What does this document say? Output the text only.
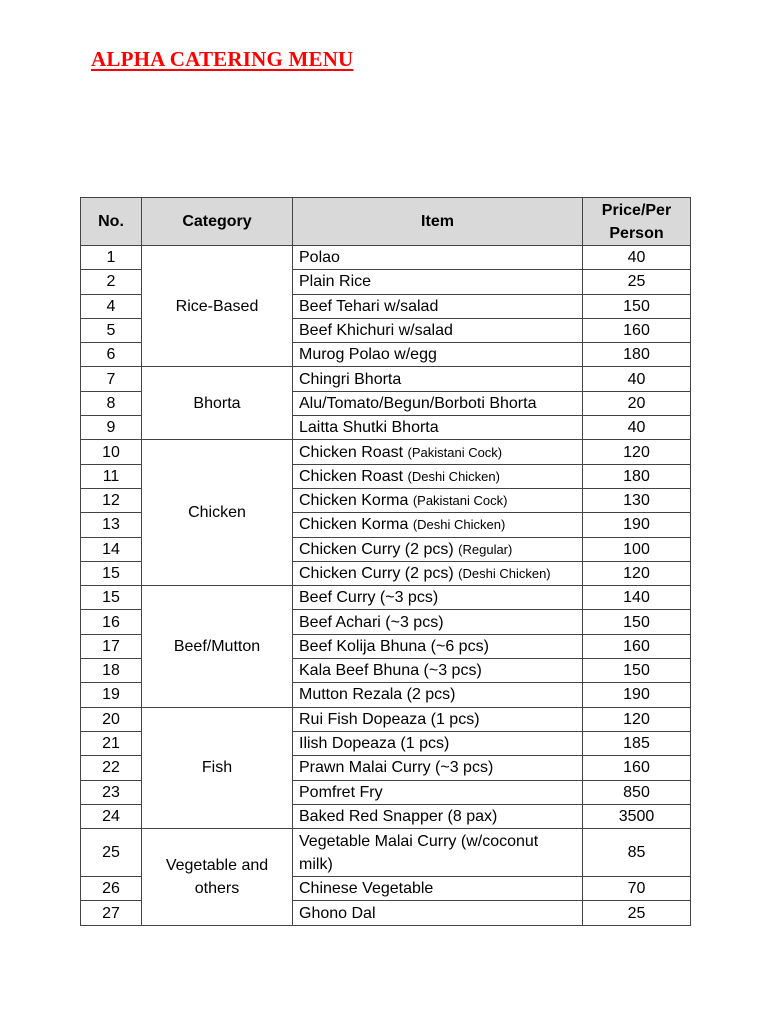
ALPHA CATERING MENU
No.	Category	Item	Price/Per Person
1	Rice-Based	Polao	40
2		Plain Rice	25
4		Beef Tehari w/salad	150
5		Beef Khichuri w/salad	160
6		Murog Polao w/egg	180
7	Bhorta	Chingri Bhorta	40
8		Alu/Tomato/Begun/Borboti Bhorta	20
9		Laitta Shutki Bhorta	40
10	Chicken	Chicken Roast (Pakistani Cock)	120
11		Chicken Roast (Deshi Chicken)	180
12		Chicken Korma (Pakistani Cock)	130
13		Chicken Korma (Deshi Chicken)	190
14		Chicken Curry (2 pcs) (Regular)	100
15		Chicken Curry (2 pcs) (Deshi Chicken)	120
15	Beef/Mutton	Beef Curry (~3 pcs)	140
16		Beef Achari (~3 pcs)	150
17		Beef Kolija Bhuna (~6 pcs)	160
18		Kala Beef Bhuna (~3 pcs)	150
19		Mutton Rezala (2 pcs)	190
20	Fish	Rui Fish Dopeaza (1 pcs)	120
21		Ilish Dopeaza (1 pcs)	185
22		Prawn Malai Curry (~3 pcs)	160
23		Pomfret Fry	850
24		Baked Red Snapper (8 pax)	3500
25	Vegetable and others	Vegetable Malai Curry (w/coconut milk)	85
26		Chinese Vegetable	70
27		Ghono Dal	25
